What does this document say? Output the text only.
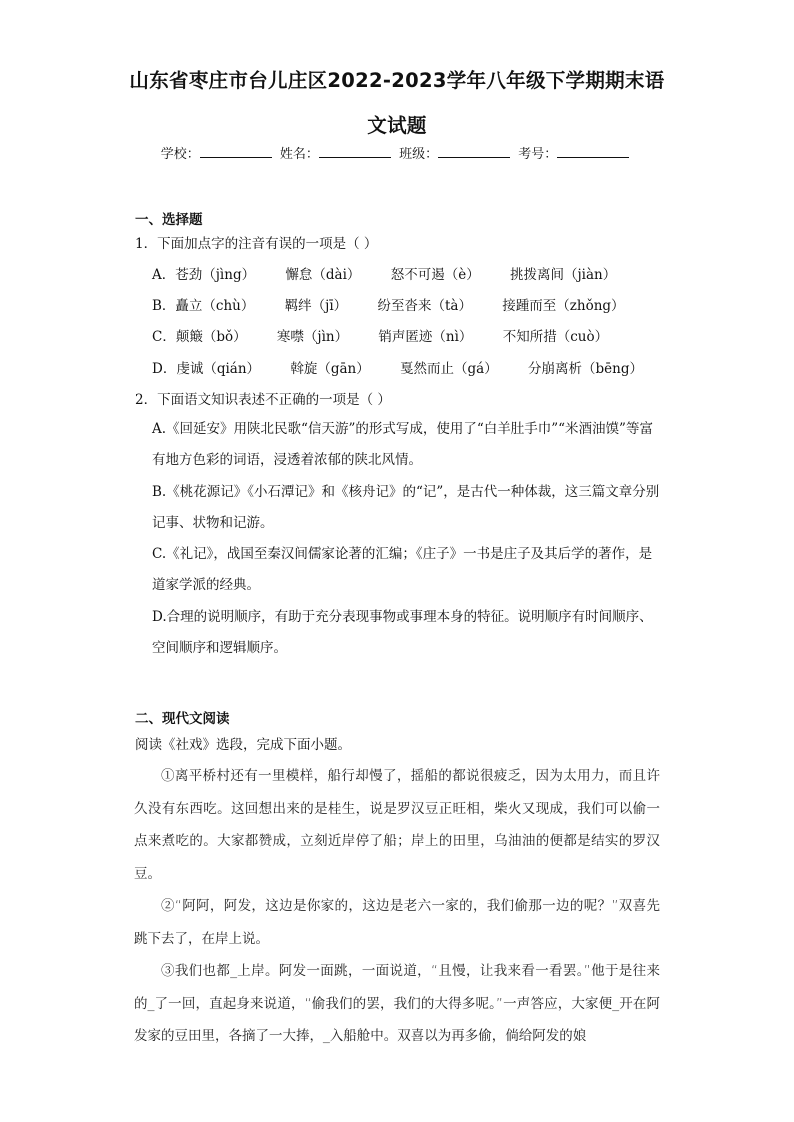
山东省枣庄市台儿庄区2022-2023学年八年级下学期期末语
文试题
学校：	姓名：	班级：	考号：
一、选择题
1．下面加点字的注音有误的一项是（ ）
A．苍劲（jìng） 懈怠（dài） 怒不可遏（è） 挑拨离间（jiàn）
B．矗立（chù） 羁绊（jī） 纷至沓来（tà） 接踵而至（zhǒng）
C．颠簸（bǒ） 寒噤（jìn） 销声匿迹（nì） 不知所措（cuò）
D．虔诚（qián） 斡旋（gān） 戛然而止（gá） 分崩离析（bēng）
2．下面语文知识表述不正确的一项是（ ）
A.《回延安》用陕北民歌“信天游”的形式写成，使用了“白羊肚手巾”“米酒油馍”等富有地方色彩的词语，浸透着浓郁的陕北风情。
B.《桃花源记》《小石潭记》和《核舟记》的“记”，是古代一种体裁，这三篇文章分别记事、状物和记游。
C.《礼记》，战国至秦汉间儒家论著的汇编；《庄子》一书是庄子及其后学的著作，是道家学派的经典。
D.合理的说明顺序，有助于充分表现事物或事理本身的特征。说明顺序有时间顺序、空间顺序和逻辑顺序。
二、现代文阅读
阅读《社戏》选段，完成下面小题。

①离平桥村还有一里模样，船行却慢了，摇船的都说很疲乏，因为太用力，而且许久没有东西吃。这回想出来的是桂生，说是罗汉豆正旺相，柴火又现成，我们可以偷一点来煮吃的。大家都赞成，立刻近岸停了船；岸上的田里，乌油油的便都是结实的罗汉豆。

②“阿阿，阿发，这边是你家的，这边是老六一家的，我们偷那一边的呢？”双喜先跳下去了，在岸上说。

③我们也都_上岸。阿发一面跳，一面说道，“且慢，让我来看一看罢。”他于是往来的_了一回，直起身来说道，“偷我们的罢，我们的大得多呢。”一声答应，大家便_开在阿发家的豆田里，各摘了一大捧，_入船舱中。双喜以为再多偷，倘给阿发的娘
